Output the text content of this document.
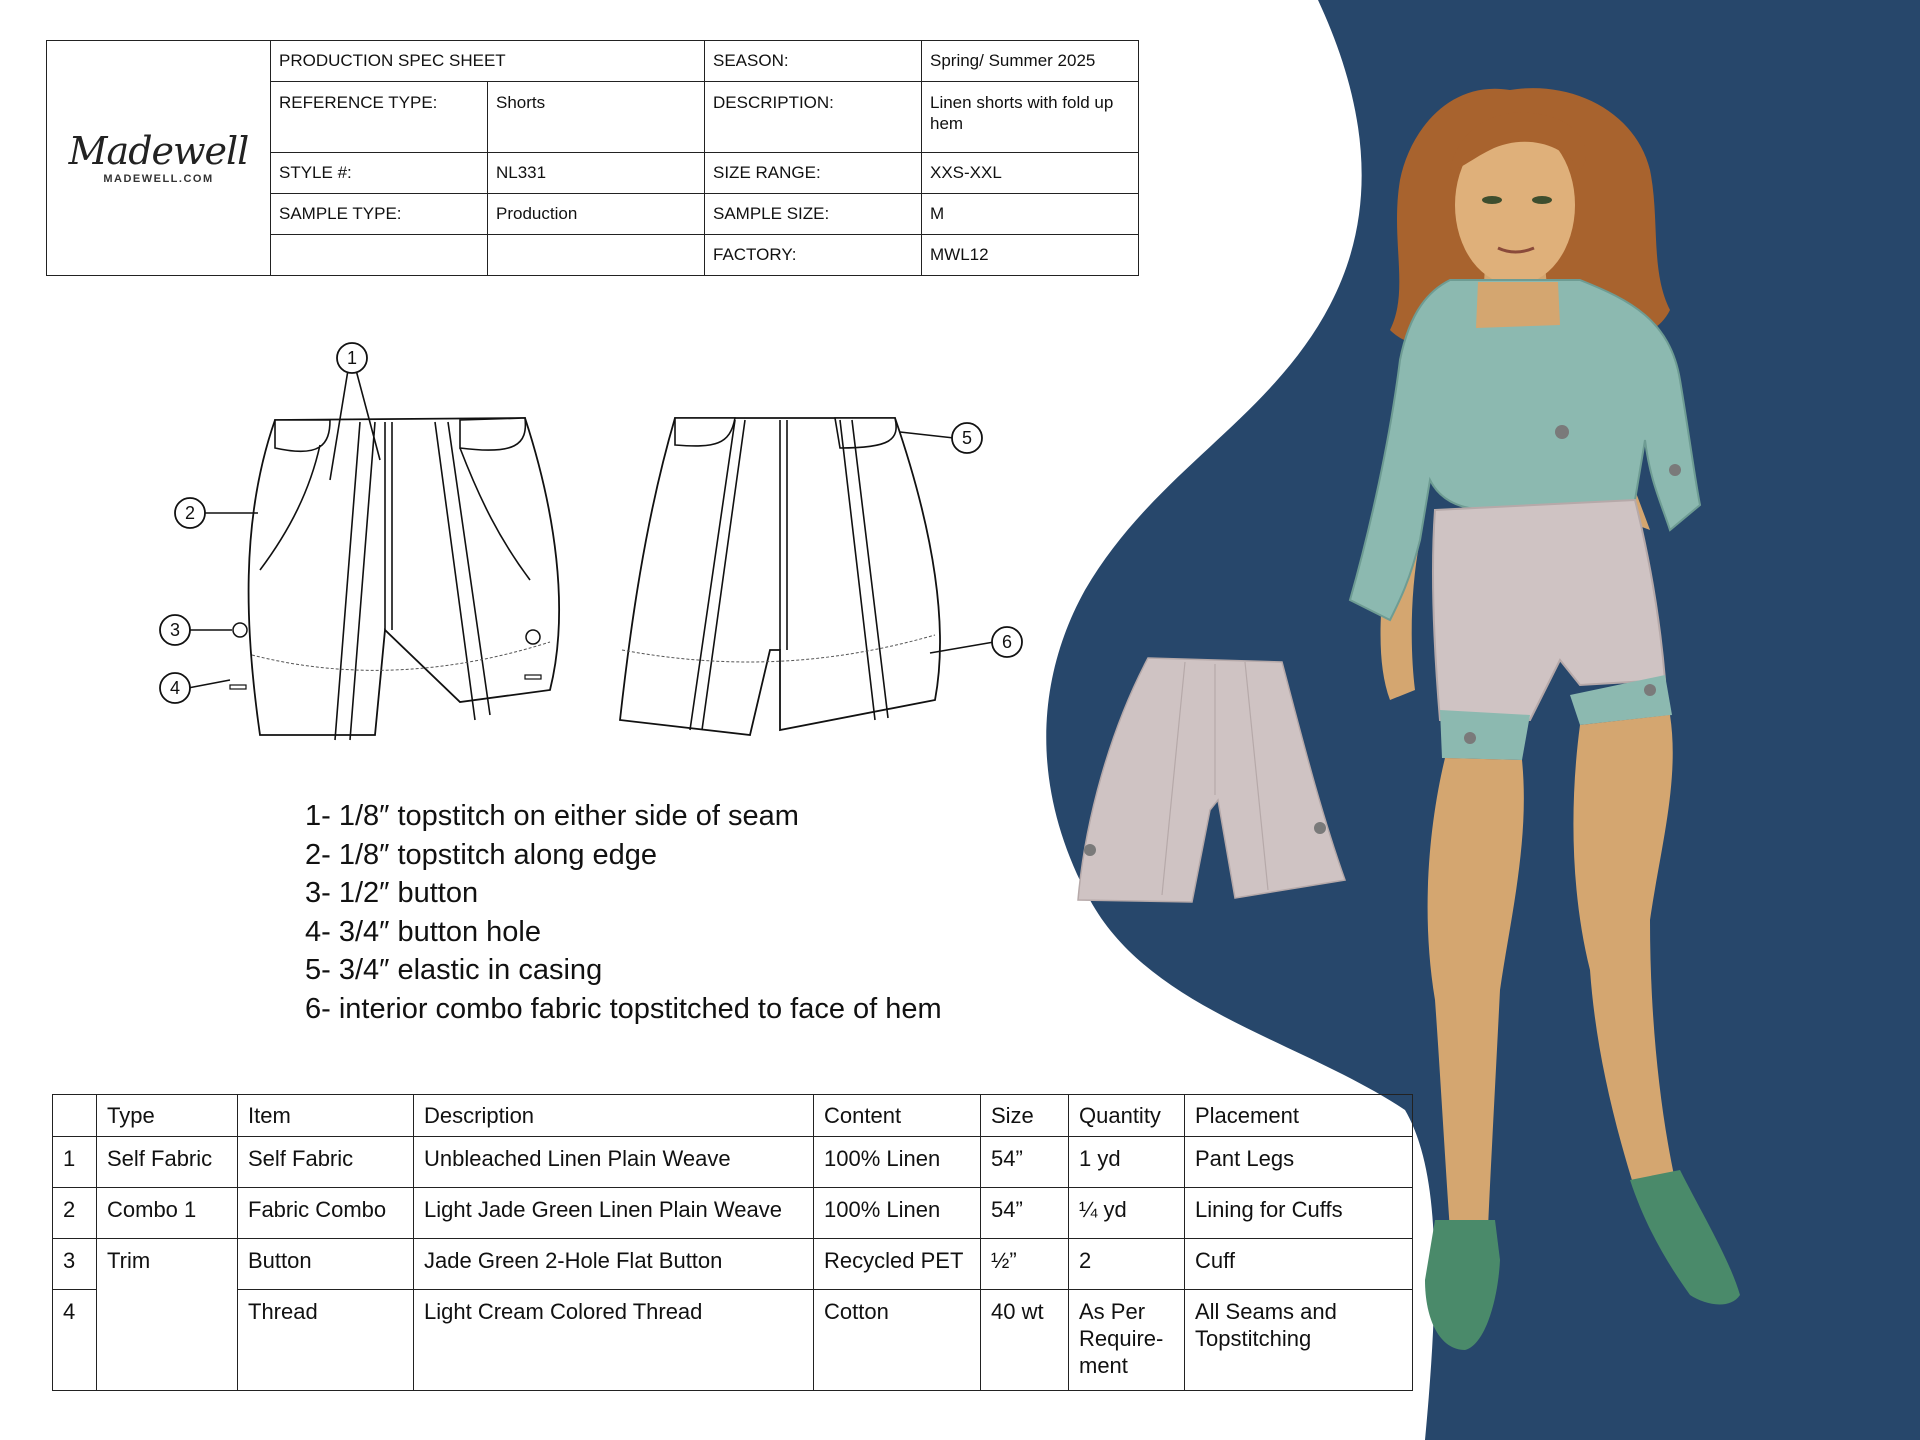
1
2
3
4
5
6
Madewell
MADEWELL.COM	PRODUCTION SPEC SHEET		SEASON:	Spring/ Summer 2025
	REFERENCE TYPE:	Shorts	DESCRIPTION:	Linen shorts with fold up hem
	STYLE #:	NL331	SIZE RANGE:	XXS-XXL
	SAMPLE TYPE:	Production	SAMPLE SIZE:	M
			FACTORY:	MWL12
1- 1/8″ topstitch on either side of seam
2- 1/8″ topstitch along edge
3- 1/2″ button
4- 3/4″ button hole
5- 3/4″ elastic in casing
6- interior combo fabric topstitched to face of hem
	Type	Item	Description	Content	Size	Quantity	Placement
1	Self Fabric	Self Fabric	Unbleached Linen Plain Weave	100% Linen	54”	1 yd	Pant Legs
2	Combo 1	Fabric Combo	Light Jade Green Linen Plain Weave	100% Linen	54”	¼ yd	Lining for Cuffs
3	Trim	Button	Jade Green 2-Hole Flat Button	Recycled PET	½”	2	Cuff
4		Thread	Light Cream Colored Thread	Cotton	40 wt	As Per Require-ment	All Seams and Topstitching
